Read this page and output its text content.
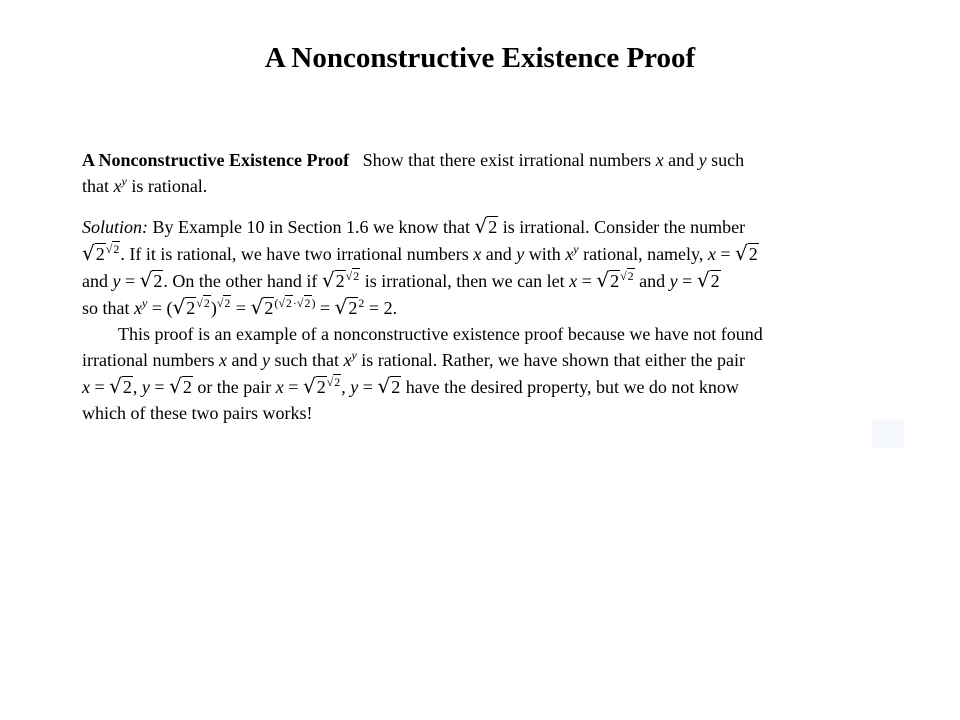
A Nonconstructive Existence Proof
A Nonconstructive Existence Proof Show that there exist irrational numbers x and y such
that $x^y$ is rational.
Solution: By Example 10 in Section 1.6 we know that √2 is irrational. Consider the number
$√2^{√2}$. If it is rational, we have two irrational numbers x and y with $x^y$ rational, namely, x = √2
and y = √2. On the other hand if $√2^{√2}$ is irrational, then we can let $x = √2^{√2}$ and y = √2
so that $x^y = (√2^{√2})^{√2} = √2^{(√2\cdot√2)} = √2^2 = 2$.
This proof is an example of a nonconstructive existence proof because we have not found
irrational numbers x and y such that $x^y$ is rational. Rather, we have shown that either the pair
x = √2, y = √2 or the pair $x = √2^{√2}$, y = √2 have the desired property, but we do not know
which of these two pairs works!
